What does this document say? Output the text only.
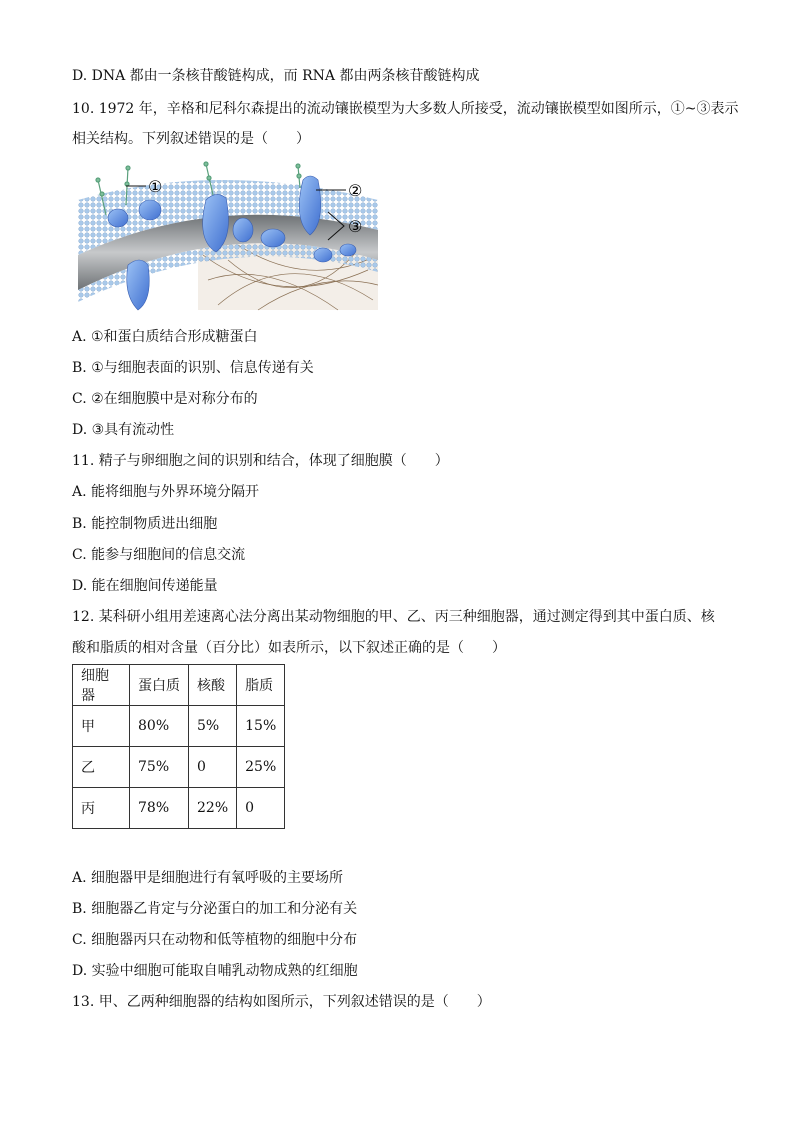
D. DNA 都由一条核苷酸链构成，而 RNA 都由两条核苷酸链构成
10. 1972 年，辛格和尼科尔森提出的流动镶嵌模型为大多数人所接受，流动镶嵌模型如图所示，①~③表示
相关结构。下列叙述错误的是（　　）
①	②
③
A. ①和蛋白质结合形成糖蛋白
B. ①与细胞表面的识别、信息传递有关
C. ②在细胞膜中是对称分布的
D. ③具有流动性
11. 精子与卵细胞之间的识别和结合，体现了细胞膜（　　）
A. 能将细胞与外界环境分隔开
B. 能控制物质进出细胞
C. 能参与细胞间的信息交流
D. 能在细胞间传递能量
12. 某科研小组用差速离心法分离出某动物细胞的甲、乙、丙三种细胞器，通过测定得到其中蛋白质、核
酸和脂质的相对含量（百分比）如表所示，以下叙述正确的是（　　）
细胞器	蛋白质	核酸	脂质
甲	80%	5%	15%
乙	75%	0	25%
丙	78%	22%	0
A. 细胞器甲是细胞进行有氧呼吸的主要场所
B. 细胞器乙肯定与分泌蛋白的加工和分泌有关
C. 细胞器丙只在动物和低等植物的细胞中分布
D. 实验中细胞可能取自哺乳动物成熟的红细胞
13. 甲、乙两种细胞器的结构如图所示，下列叙述错误的是（　　）
